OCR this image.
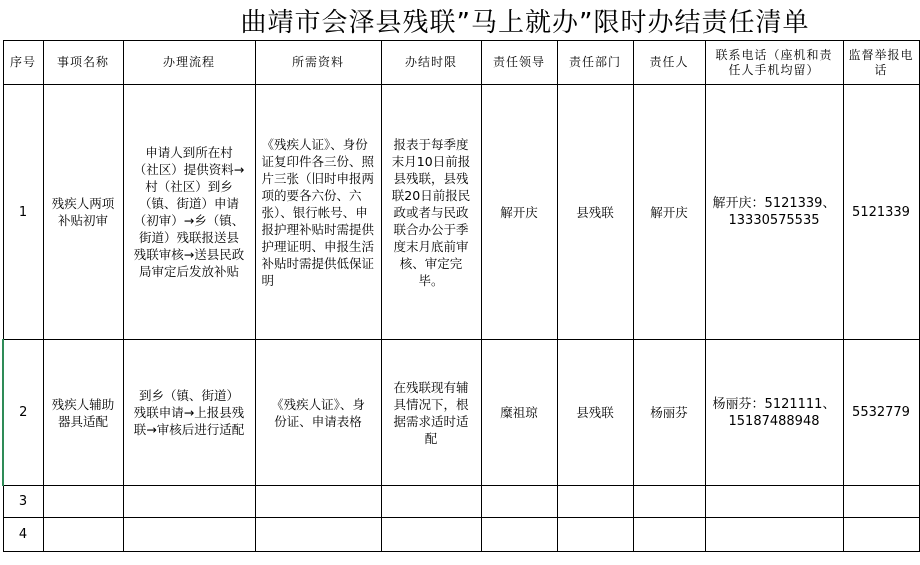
曲靖市会泽县残联”马上就办”限时办结责任清单
序号	事项名称	办理流程	所需资料	办结时限	责任领导	责任部门	责任人	联系电话（座机和责任人手机均留）	监督举报电话
1	残疾人两项补贴初审	申请人到所在村（社区）提供资料→村（社区）到乡（镇、街道）申请（初审）→乡（镇、街道）残联报送县残联审核→送县民政局审定后发放补贴	《残疾人证》、身份证复印件各三份、照片三张（旧时申报两项的要各六份、六张）、银行帐号、申报护理补贴时需提供护理证明、申报生活补贴时需提供低保证明	报表于每季度末月10日前报县残联，县残联20日前报民政或者与民政联合办公于季度末月底前审核、审定完毕。	解开庆	县残联	解开庆	解开庆：5121339、13330575535	5121339
2	残疾人辅助器具适配	到乡（镇、街道）残联申请→上报县残联→审核后进行适配	《残疾人证》、身份证、申请表格	在残联现有辅具情况下，根据需求适时适配	糜祖琼	县残联	杨丽芬	杨丽芬：5121111、15187488948	5532779
3									
4									
